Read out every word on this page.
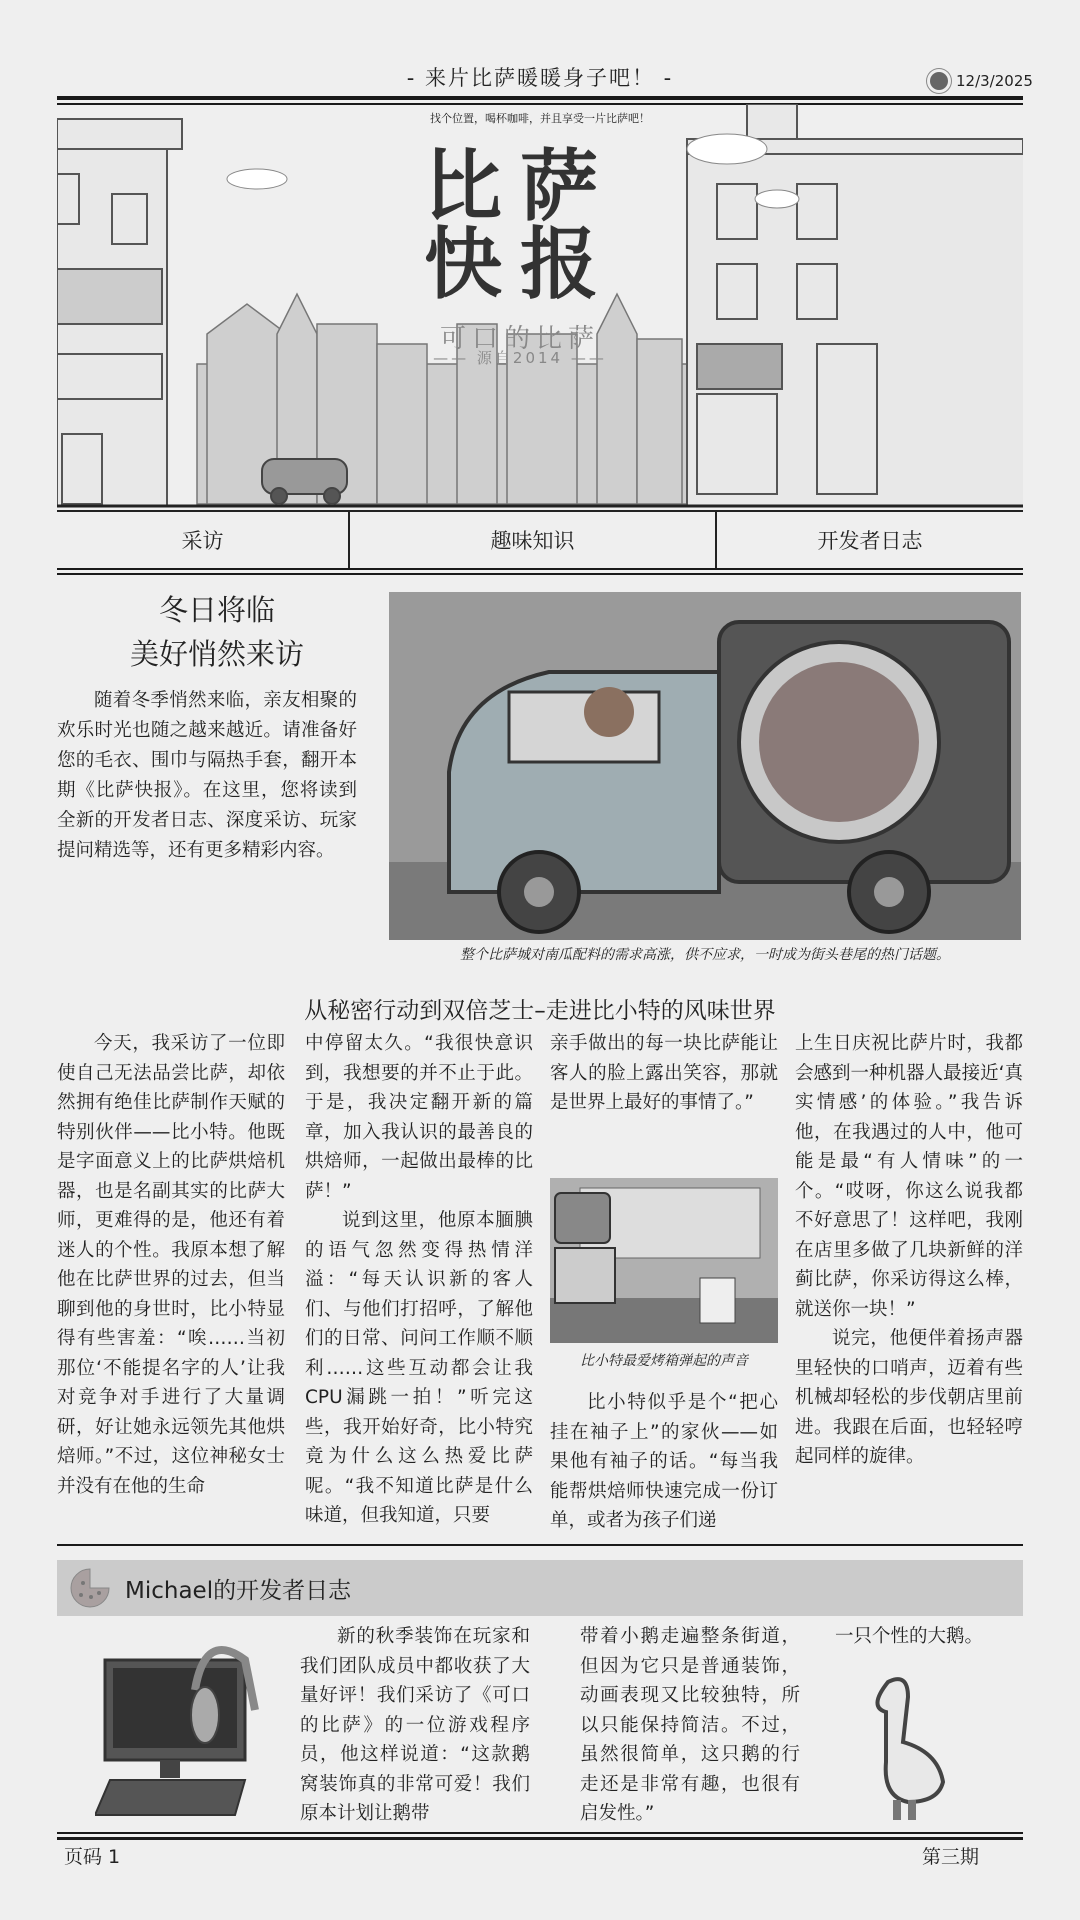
- 来片比萨暖暖身子吧！ -	12/3/2025
找个位置，喝杯咖啡，并且享受一片比萨吧！
比萨
快报
可口的比萨
—— 源自2014 ——
采访	趣味知识	开发者日志
冬日将临
美好悄然来访

随着冬季悄然来临，亲友相聚的欢乐时光也随之越来越近。请准备好您的毛衣、围巾与隔热手套，翻开本期《比萨快报》。在这里，您将读到全新的开发者日志、深度采访、玩家提问精选等，还有更多精彩内容。

整个比萨城对南瓜配料的需求高涨，供不应求，一时成为街头巷尾的热门话题。
从秘密行动到双倍芝士–走进比小特的风味世界

今天，我采访了一位即使自己无法品尝比萨，却依然拥有绝佳比萨制作天赋的特别伙伴——比小特。他既是字面意义上的比萨烘焙机器，也是名副其实的比萨大师，更难得的是，他还有着迷人的个性。我原本想了解他在比萨世界的过去，但当聊到他的身世时，比小特显得有些害羞：“唉……当初那位‘不能提名字的人’让我对竞争对手进行了大量调研，好让她永远领先其他烘焙师。”不过，这位神秘女士并没有在他的生命

中停留太久。“我很快意识到，我想要的并不止于此。于是，我决定翻开新的篇章，加入我认识的最善良的烘焙师，一起做出最棒的比萨！”

说到这里，他原本腼腆的语气忽然变得热情洋溢：“每天认识新的客人们、与他们打招呼，了解他们的日常、问问工作顺不顺利……这些互动都会让我CPU漏跳一拍！”听完这些，我开始好奇，比小特究竟为什么这么热爱比萨呢。“我不知道比萨是什么味道，但我知道，只要

亲手做出的每一块比萨能让客人的脸上露出笑容，那就是世界上最好的事情了。”

比小特最爱烤箱弹起的声音

比小特似乎是个“把心挂在袖子上”的家伙——如果他有袖子的话。“每当我能帮烘焙师快速完成一份订单，或者为孩子们递

上生日庆祝比萨片时，我都会感到一种机器人最接近‘真实情感’的体验。”我告诉他，在我遇过的人中，他可能是最“有人情味”的一个。“哎呀，你这么说我都不好意思了！这样吧，我刚在店里多做了几块新鲜的洋蓟比萨，你采访得这么棒，就送你一块！”

说完，他便伴着扬声器里轻快的口哨声，迈着有些机械却轻松的步伐朝店里前进。我跟在后面，也轻轻哼起同样的旋律。

Michael的开发者日志

新的秋季装饰在玩家和我们团队成员中都收获了大量好评！我们采访了《可口的比萨》的一位游戏程序员，他这样说道：“这款鹅窝装饰真的非常可爱！我们原本计划让鹅带

带着小鹅走遍整条街道，但因为它只是普通装饰，动画表现又比较独特，所以只能保持简洁。不过，虽然很简单，这只鹅的行走还是非常有趣，也很有启发性。”

一只个性的大鹅。

页码 1	第三期
